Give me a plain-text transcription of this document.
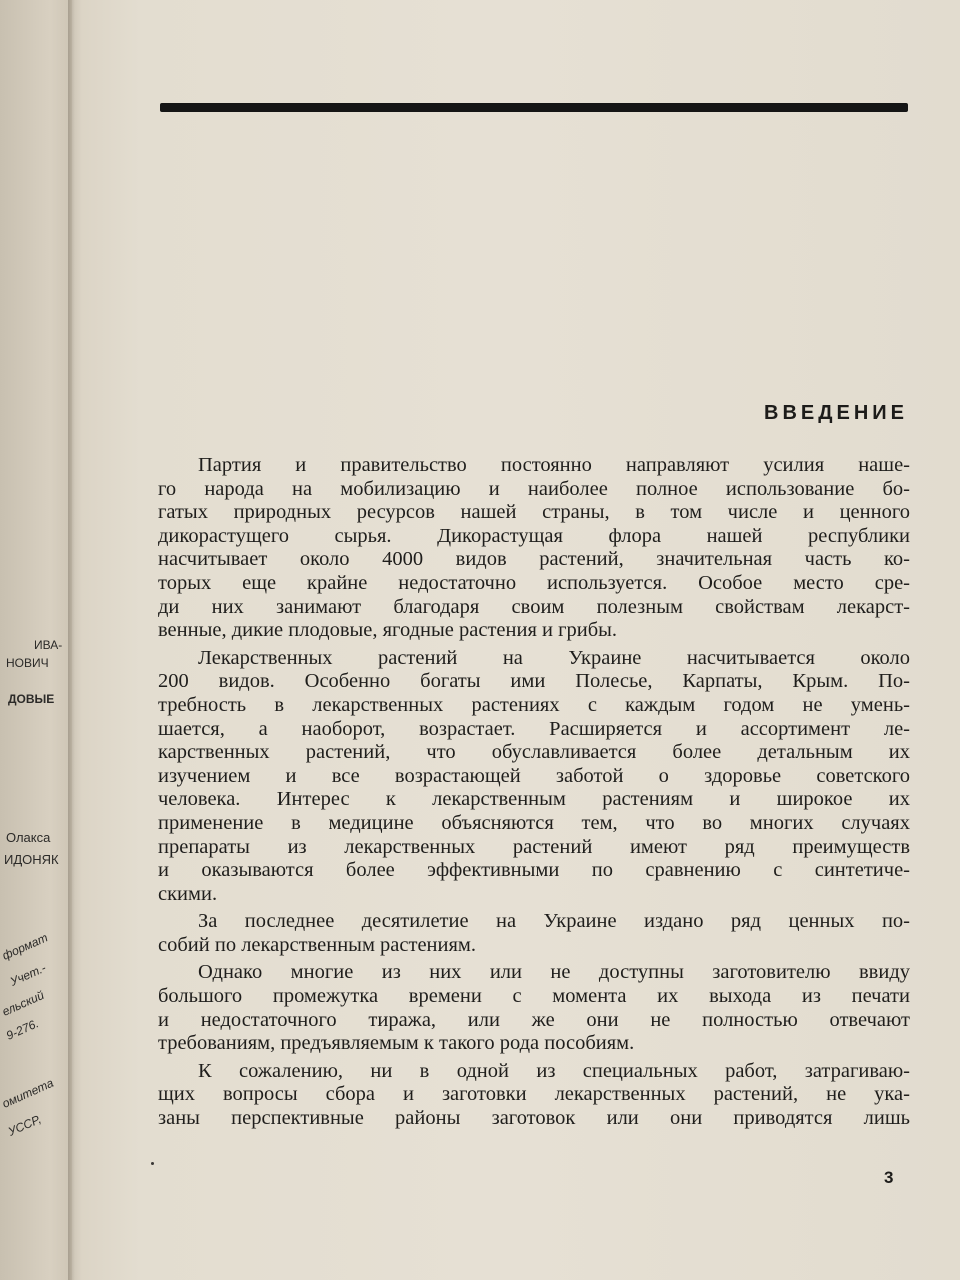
ИВА-
НОВИЧ
ДОВЫЕ
Олакса
ИДОНЯК
формат
Учет.-
ельский
9-276.
омитета
УССР,
ВВЕДЕНИЕ
Партия и правительство постоянно направляют усилия наше-
го народа на мобилизацию и наиболее полное использование бо-
гатых природных ресурсов нашей страны, в том числе и ценного
дикорастущего сырья. Дикорастущая флора нашей республики
насчитывает около 4000 видов растений, значительная часть ко-
торых еще крайне недостаточно используется. Особое место сре-
ди них занимают благодаря своим полезным свойствам лекарст-
венные, дикие плодовые, ягодные растения и грибы.
Лекарственных растений на Украине насчитывается около
200 видов. Особенно богаты ими Полесье, Карпаты, Крым. По-
требность в лекарственных растениях с каждым годом не умень-
шается, а наоборот, возрастает. Расширяется и ассортимент ле-
карственных растений, что обуславливается более детальным их
изучением и все возрастающей заботой о здоровье советского
человека. Интерес к лекарственным растениям и широкое их
применение в медицине объясняются тем, что во многих случаях
препараты из лекарственных растений имеют ряд преимуществ
и оказываются более эффективными по сравнению с синтетиче-
скими.
За последнее десятилетие на Украине издано ряд ценных по-
собий по лекарственным растениям.
Однако многие из них или не доступны заготовителю ввиду
большого промежутка времени с момента их выхода из печати
и недостаточного тиража, или же они не полностью отвечают
требованиям, предъявляемым к такого рода пособиям.
К сожалению, ни в одной из специальных работ, затрагиваю-
щих вопросы сбора и заготовки лекарственных растений, не ука-
заны перспективные районы заготовок или они приводятся лишь
3
